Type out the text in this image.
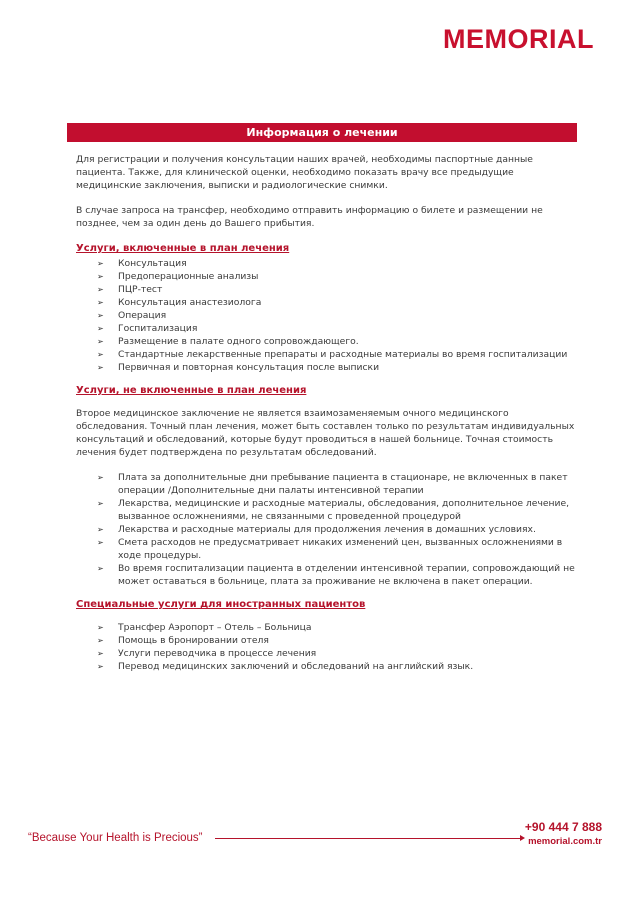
MEMORIAL
Информация о лечении

Для регистрации и получения консультации наших врачей, необходимы паспортные данные пациента. Также, для клинической оценки, необходимо показать врачу все предыдущие медицинские заключения, выписки и радиологические снимки.

В случае запроса на трансфер, необходимо отправить информацию о билете и размещении не позднее, чем за один день до Вашего прибытия.

Услуги, включенные в план лечения

➢ Консультация
➢ Предоперационные анализы
➢ ПЦР-тест
➢ Консультация анастезиолога
➢ Операция
➢ Госпитализация
➢ Размещение в палате одного сопровождающего.
➢ Стандартные лекарственные препараты и расходные материалы во время госпитализации
➢ Первичная и повторная консультация после выписки

Услуги, не включенные в план лечения

Второе медицинское заключение не является взаимозаменяемым очного медицинского обследования. Точный план лечения, может быть составлен только по результатам индивидуальных консультаций и обследований, которые будут проводиться в нашей больнице. Точная стоимость лечения будет подтверждена по результатам обследований.

➢ Плата за дополнительные дни пребывание пациента в стационаре, не включенных в пакет операции /Дополнительные дни палаты интенсивной терапии
➢ Лекарства, медицинские и расходные материалы, обследования, дополнительное лечение, вызванное осложнениями, не связанными с проведенной процедурой
➢ Лекарства и расходные материалы для продолжения лечения в домашних условиях.
➢ Смета расходов не предусматривает никаких изменений цен, вызванных осложнениями в ходе процедуры.
➢ Во время госпитализации пациента в отделении интенсивной терапии, сопровождающий не может оставаться в больнице, плата за проживание не включена в пакет операции.

Специальные услуги для иностранных пациентов

➢ Трансфер Аэропорт – Отель – Больница
➢ Помощь в бронировании отеля
➢ Услуги переводчика в процессе лечения
➢ Перевод медицинских заключений и обследований на английский язык.
“Because Your Health is Precious”
+90 444 7 888
memorial.com.tr
